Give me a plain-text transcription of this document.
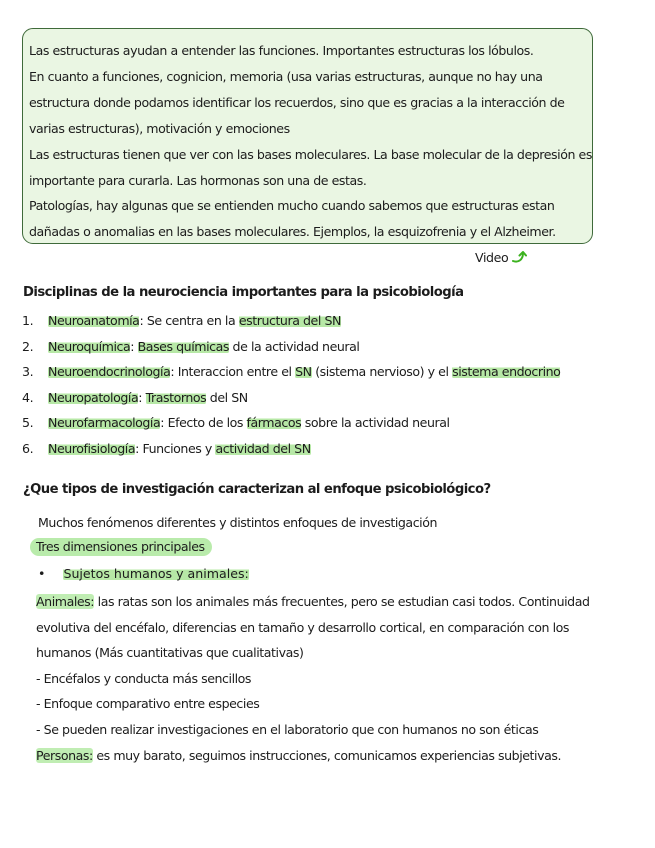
Las estructuras ayudan a entender las funciones. Importantes estructuras los lóbulos.
En cuanto a funciones, cognicion, memoria (usa varias estructuras, aunque no hay una
estructura donde podamos identificar los recuerdos, sino que es gracias a la interacción de
varias estructuras), motivación y emociones
Las estructuras tienen que ver con las bases moleculares. La base molecular de la depresión es
importante para curarla. Las hormonas son una de estas.
Patologías, hay algunas que se entienden mucho cuando sabemos que estructuras estan
dañadas o anomalias en las bases moleculares. Ejemplos, la esquizofrenia y el Alzheimer.
Video
Disciplinas de la neurociencia importantes para la psicobiología
1.	Neuroanatomía: Se centra en la estructura del SN
2.	Neuroquímica: Bases químicas de la actividad neural
3.	Neuroendocrinología: Interaccion entre el SN (sistema nervioso) y el sistema endocrino
4.	Neuropatología: Trastornos del SN
5.	Neurofarmacología: Efecto de los fármacos sobre la actividad neural
6.	Neurofisiología: Funciones y actividad del SN
¿Que tipos de investigación caracterizan al enfoque psicobiológico?
Muchos fenómenos diferentes y distintos enfoques de investigación
Tres dimensiones principales
• Sujetos humanos y animales:
Animales: las ratas son los animales más frecuentes, pero se estudian casi todos. Continuidad
evolutiva del encéfalo, diferencias en tamaño y desarrollo cortical, en comparación con los
humanos (Más cuantitativas que cualitativas)
- Encéfalos y conducta más sencillos
- Enfoque comparativo entre especies
- Se pueden realizar investigaciones en el laboratorio que con humanos no son éticas
Personas: es muy barato, seguimos instrucciones, comunicamos experiencias subjetivas.
